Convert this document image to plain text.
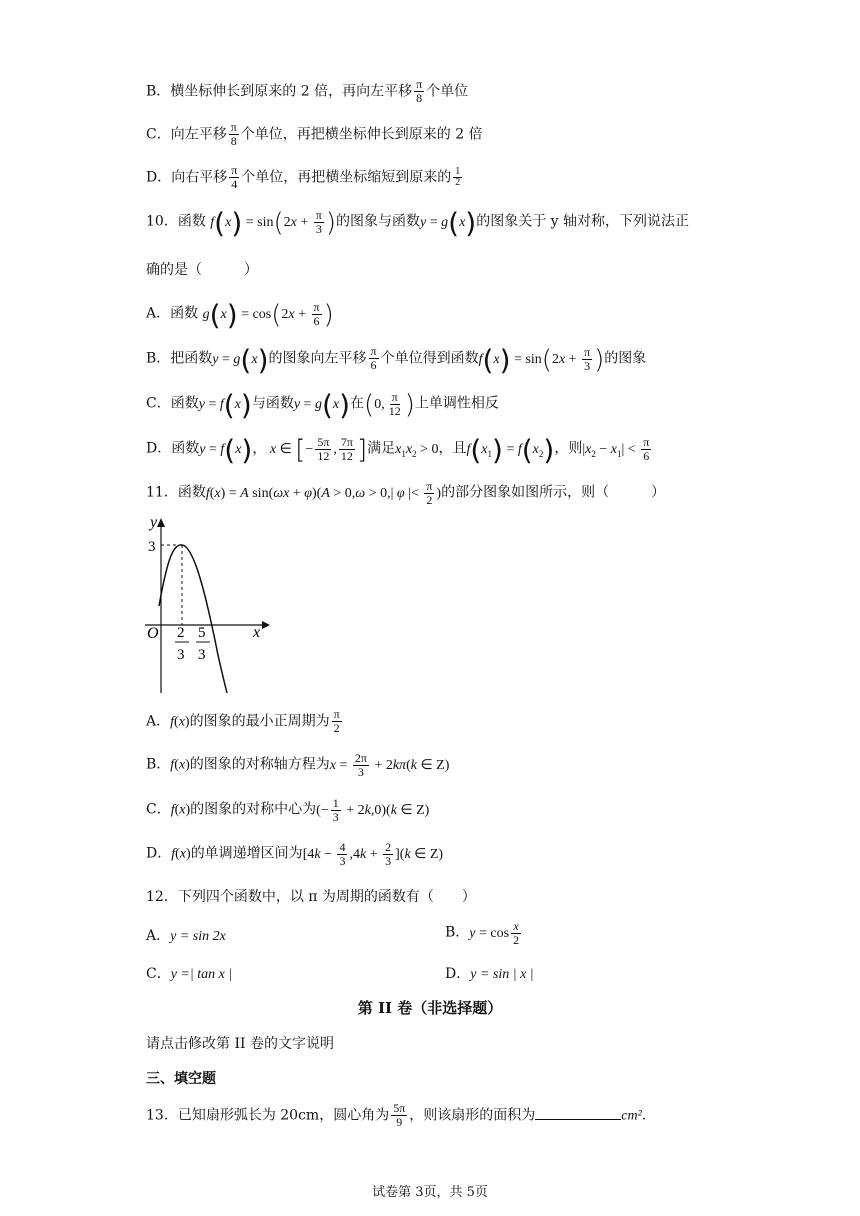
B．横坐标伸长到原来的 2 倍，再向左平移 $\frac{\pi}{8}$ 个单位
C．向左平移 $\frac{\pi}{8}$ 个单位，再把横坐标伸长到原来的 2 倍
D．向右平移 $\frac{\pi}{4}$ 个单位，再把横坐标缩短到原来的 $\frac{1}{2}$
10．函数 $f(x) = \sin(2x + \frac{\pi}{3}$ )的图象与函数y = g(x)的图象关于 y 轴对称，下列说法正
确的是（　　　）
A．函数 $g(x) = \cos(2x + \frac{\pi}{6}$ )
B．把函数y = g(x)的图象向左平移 $\frac{\pi}{6}$ 个单位得到函数$f(x) = \sin(2x + \frac{\pi}{3}$ )的图象
C．函数y = f(x)与函数y = g(x)在(0, $\frac{\pi}{12}$ )上单调性相反
D．函数y = f(x)， x ∈ [− $\frac{5\pi}{12}$ , $\frac{7\pi}{12}$ ]满足$x_1x_2 > 0$，且$f(x_1) = f(x_2)$，则$|x_2 - x_1| < \frac{\pi}{6}$
11．函数f(x) = A sin(ωx + φ)(A > 0,ω > 0,| φ |< $\frac{\pi}{2}$ )的部分图象如图所示，则（　　　）
y
x
O
3
2
3
5
3
A．f(x)的图象的最小正周期为 $\frac{\pi}{2}$
B．f(x)的图象的对称轴方程为$x = \frac{2\pi}{3} + 2k\pi(k$ ∈ Z)
C．f(x)的图象的对称中心为(− $\frac{1}{3} + 2k,0)(k$ ∈ Z)
D．f(x)的单调递增区间为$[4k - \frac{4}{3} ,4k + \frac{2}{3} ](k$ ∈ Z)
12．下列四个函数中，以 π 为周期的函数有（　　）
A．y = sin 2x	B．$y = \cos \frac{x}{2}$
C．y =| tan x |	D．y = sin | x |
第 II 卷（非选择题）
请点击修改第 II 卷的文字说明
三、填空题
13．已知扇形弧长为 20cm，圆心角为 $\frac{5\pi}{9}$ ，则该扇形的面积为	cm².
试卷第 3页，共 5页
